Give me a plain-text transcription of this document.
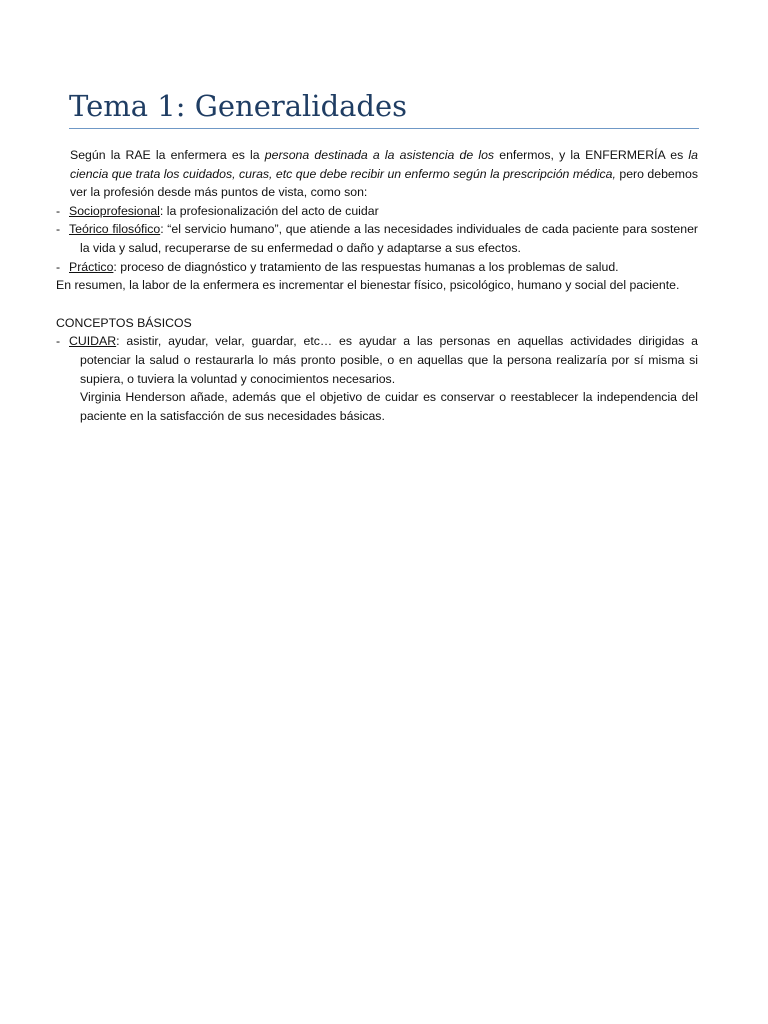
Tema 1: Generalidades

Según la RAE la enfermera es la persona destinada a la asistencia de los enfermos, y la ENFERMERÍA es la ciencia que trata los cuidados, curas, etc que debe recibir un enfermo según la prescripción médica, pero debemos ver la profesión desde más puntos de vista, como son:

- Socioprofesional: la profesionalización del acto de cuidar

- Teórico filosófico: “el servicio humano”, que atiende a las necesidades individuales de cada paciente para sostener la vida y salud, recuperarse de su enfermedad o daño y adaptarse a sus efectos.

- Práctico: proceso de diagnóstico y tratamiento de las respuestas humanas a los problemas de salud.

En resumen, la labor de la enfermera es incrementar el bienestar físico, psicológico, humano y social del paciente.

CONCEPTOS BÁSICOS

- CUIDAR: asistir, ayudar, velar, guardar, etc… es ayudar a las personas en aquellas actividades dirigidas a potenciar la salud o restaurarla lo más pronto posible, o en aquellas que la persona realizaría por sí misma si supiera, o tuviera la voluntad y conocimientos necesarios.

Virginia Henderson añade, además que el objetivo de cuidar es conservar o reestablecer la independencia del paciente en la satisfacción de sus necesidades básicas.
